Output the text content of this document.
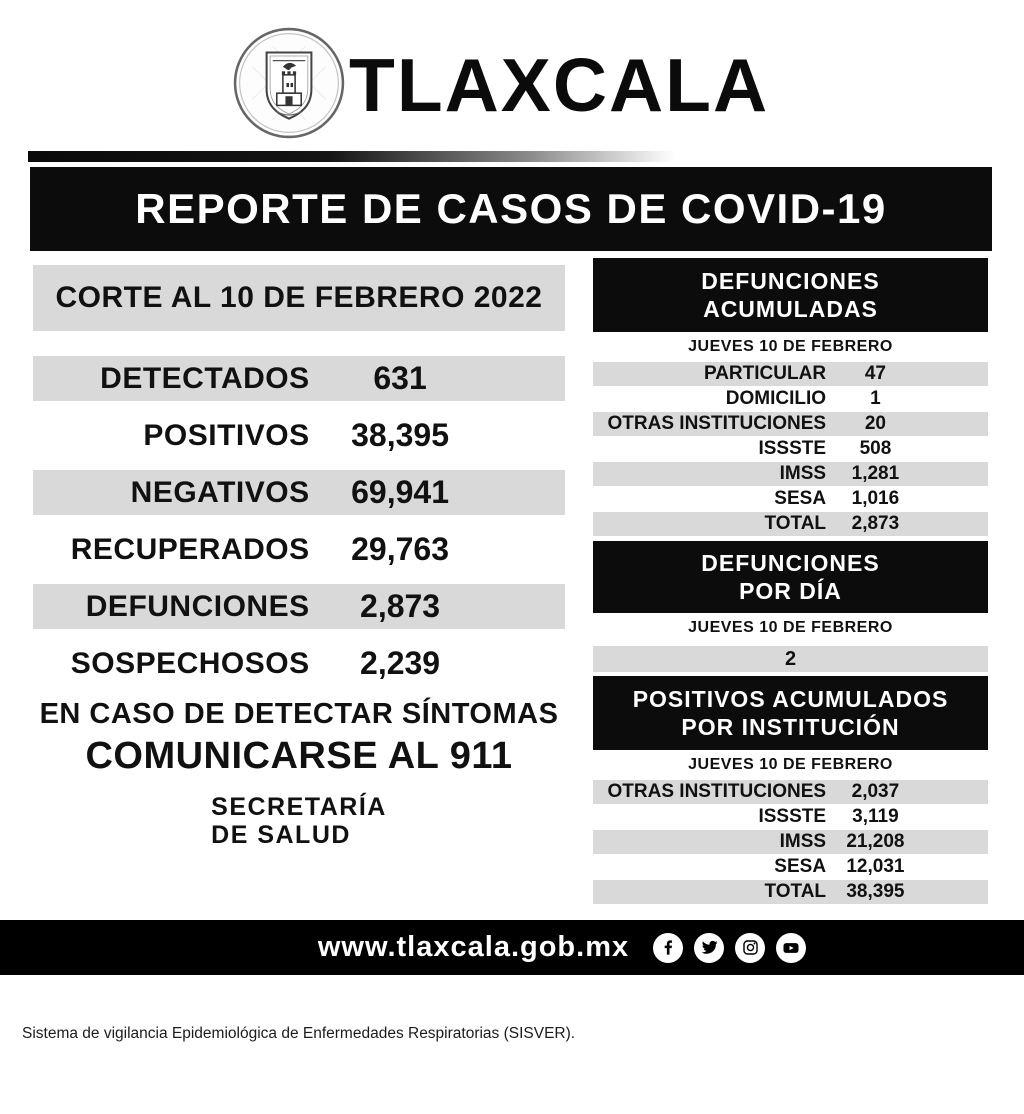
TLAXCALA
REPORTE DE CASOS DE COVID-19
CORTE AL 10 DE FEBRERO 2022
DETECTADOS	631
POSITIVOS	38,395
NEGATIVOS	69,941
RECUPERADOS	29,763
DEFUNCIONES	2,873
SOSPECHOSOS	2,239
EN CASO DE DETECTAR SÍNTOMAS
COMUNICARSE AL 911
SECRETARÍA
DE SALUD

Sistema de vigilancia Epidemiológica de Enfermedades Respiratorias (SISVER).

DEFUNCIONES
ACUMULADAS
JUEVES 10 DE FEBRERO
PARTICULAR	47
DOMICILIO	1
OTRAS INSTITUCIONES	20
ISSSTE	508
IMSS	1,281
SESA	1,016
TOTAL	2,873
DEFUNCIONES
POR DÍA
JUEVES 10 DE FEBRERO
2
POSITIVOS ACUMULADOS
POR INSTITUCIÓN
JUEVES 10 DE FEBRERO
OTRAS INSTITUCIONES	2,037
ISSSTE	3,119
IMSS	21,208
SESA	12,031
TOTAL	38,395
www.tlaxcala.gob.mx
